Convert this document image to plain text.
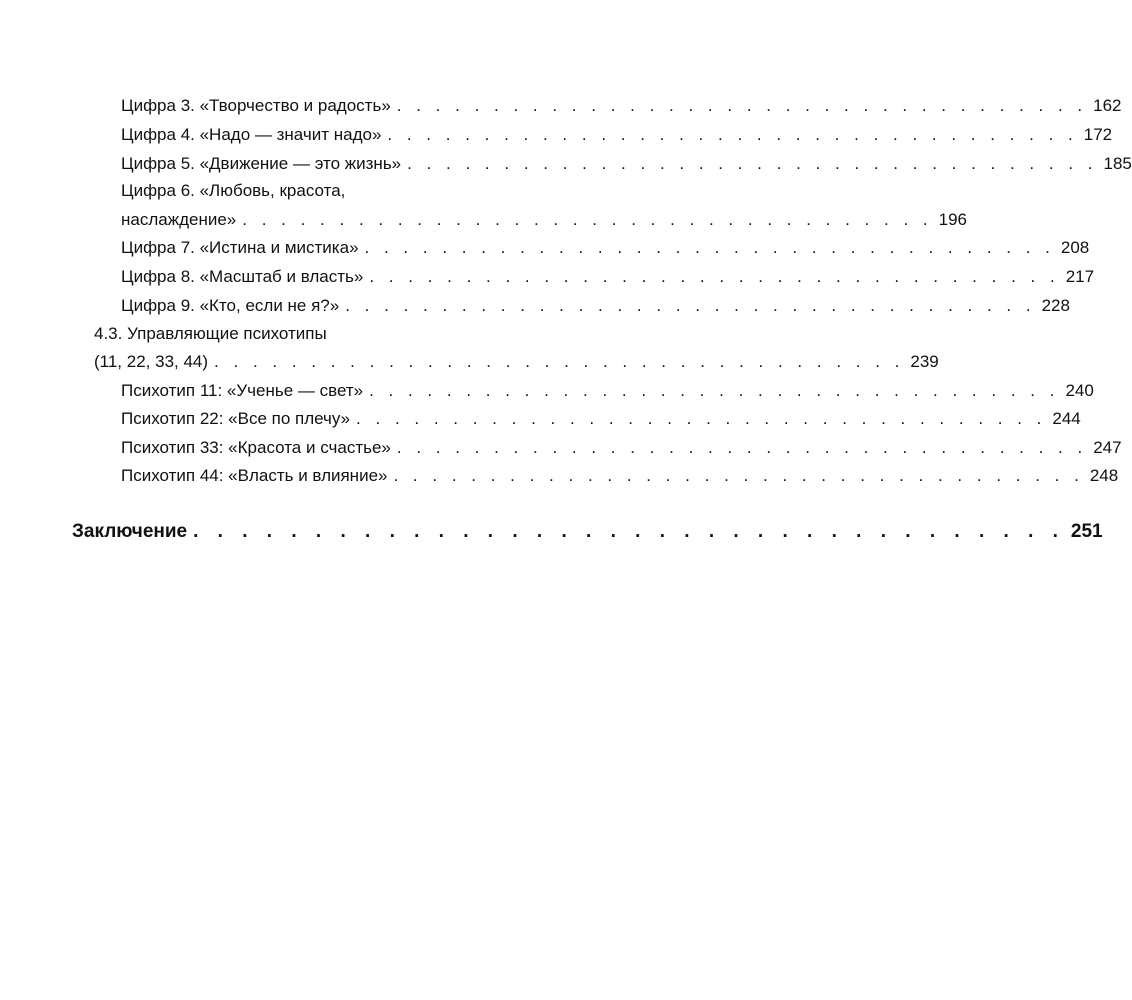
Цифра 3. «Творчество и радость» . . . . . . . . . . . . . . . . . . . . . . . . . . . . . . . . . . . . 162
Цифра 4. «Надо — значит надо» . . . . . . . . . . . . . . . . . . . . . . . . . . . . . . . . . . . . 172
Цифра 5. «Движение — это жизнь» . . . . . . . . . . . . . . . . . . . . . . . . . . . . . . . . . . . . 185
Цифра 6. «Любовь, красота,
наслаждение» . . . . . . . . . . . . . . . . . . . . . . . . . . . . . . . . . . . . 196
Цифра 7. «Истина и мистика» . . . . . . . . . . . . . . . . . . . . . . . . . . . . . . . . . . . . 208
Цифра 8. «Масштаб и власть» . . . . . . . . . . . . . . . . . . . . . . . . . . . . . . . . . . . . 217
Цифра 9. «Кто, если не я?» . . . . . . . . . . . . . . . . . . . . . . . . . . . . . . . . . . . . 228
4.3. Управляющие психотипы
(11, 22, 33, 44) . . . . . . . . . . . . . . . . . . . . . . . . . . . . . . . . . . . . 239
Психотип 11: «Ученье — свет» . . . . . . . . . . . . . . . . . . . . . . . . . . . . . . . . . . . . 240
Психотип 22: «Все по плечу» . . . . . . . . . . . . . . . . . . . . . . . . . . . . . . . . . . . . 244
Психотип 33: «Красота и счастье» . . . . . . . . . . . . . . . . . . . . . . . . . . . . . . . . . . . . 247
Психотип 44: «Власть и влияние» . . . . . . . . . . . . . . . . . . . . . . . . . . . . . . . . . . . . 248
Заключение . . . . . . . . . . . . . . . . . . . . . . . . . . . . . . . . . . . . 251
